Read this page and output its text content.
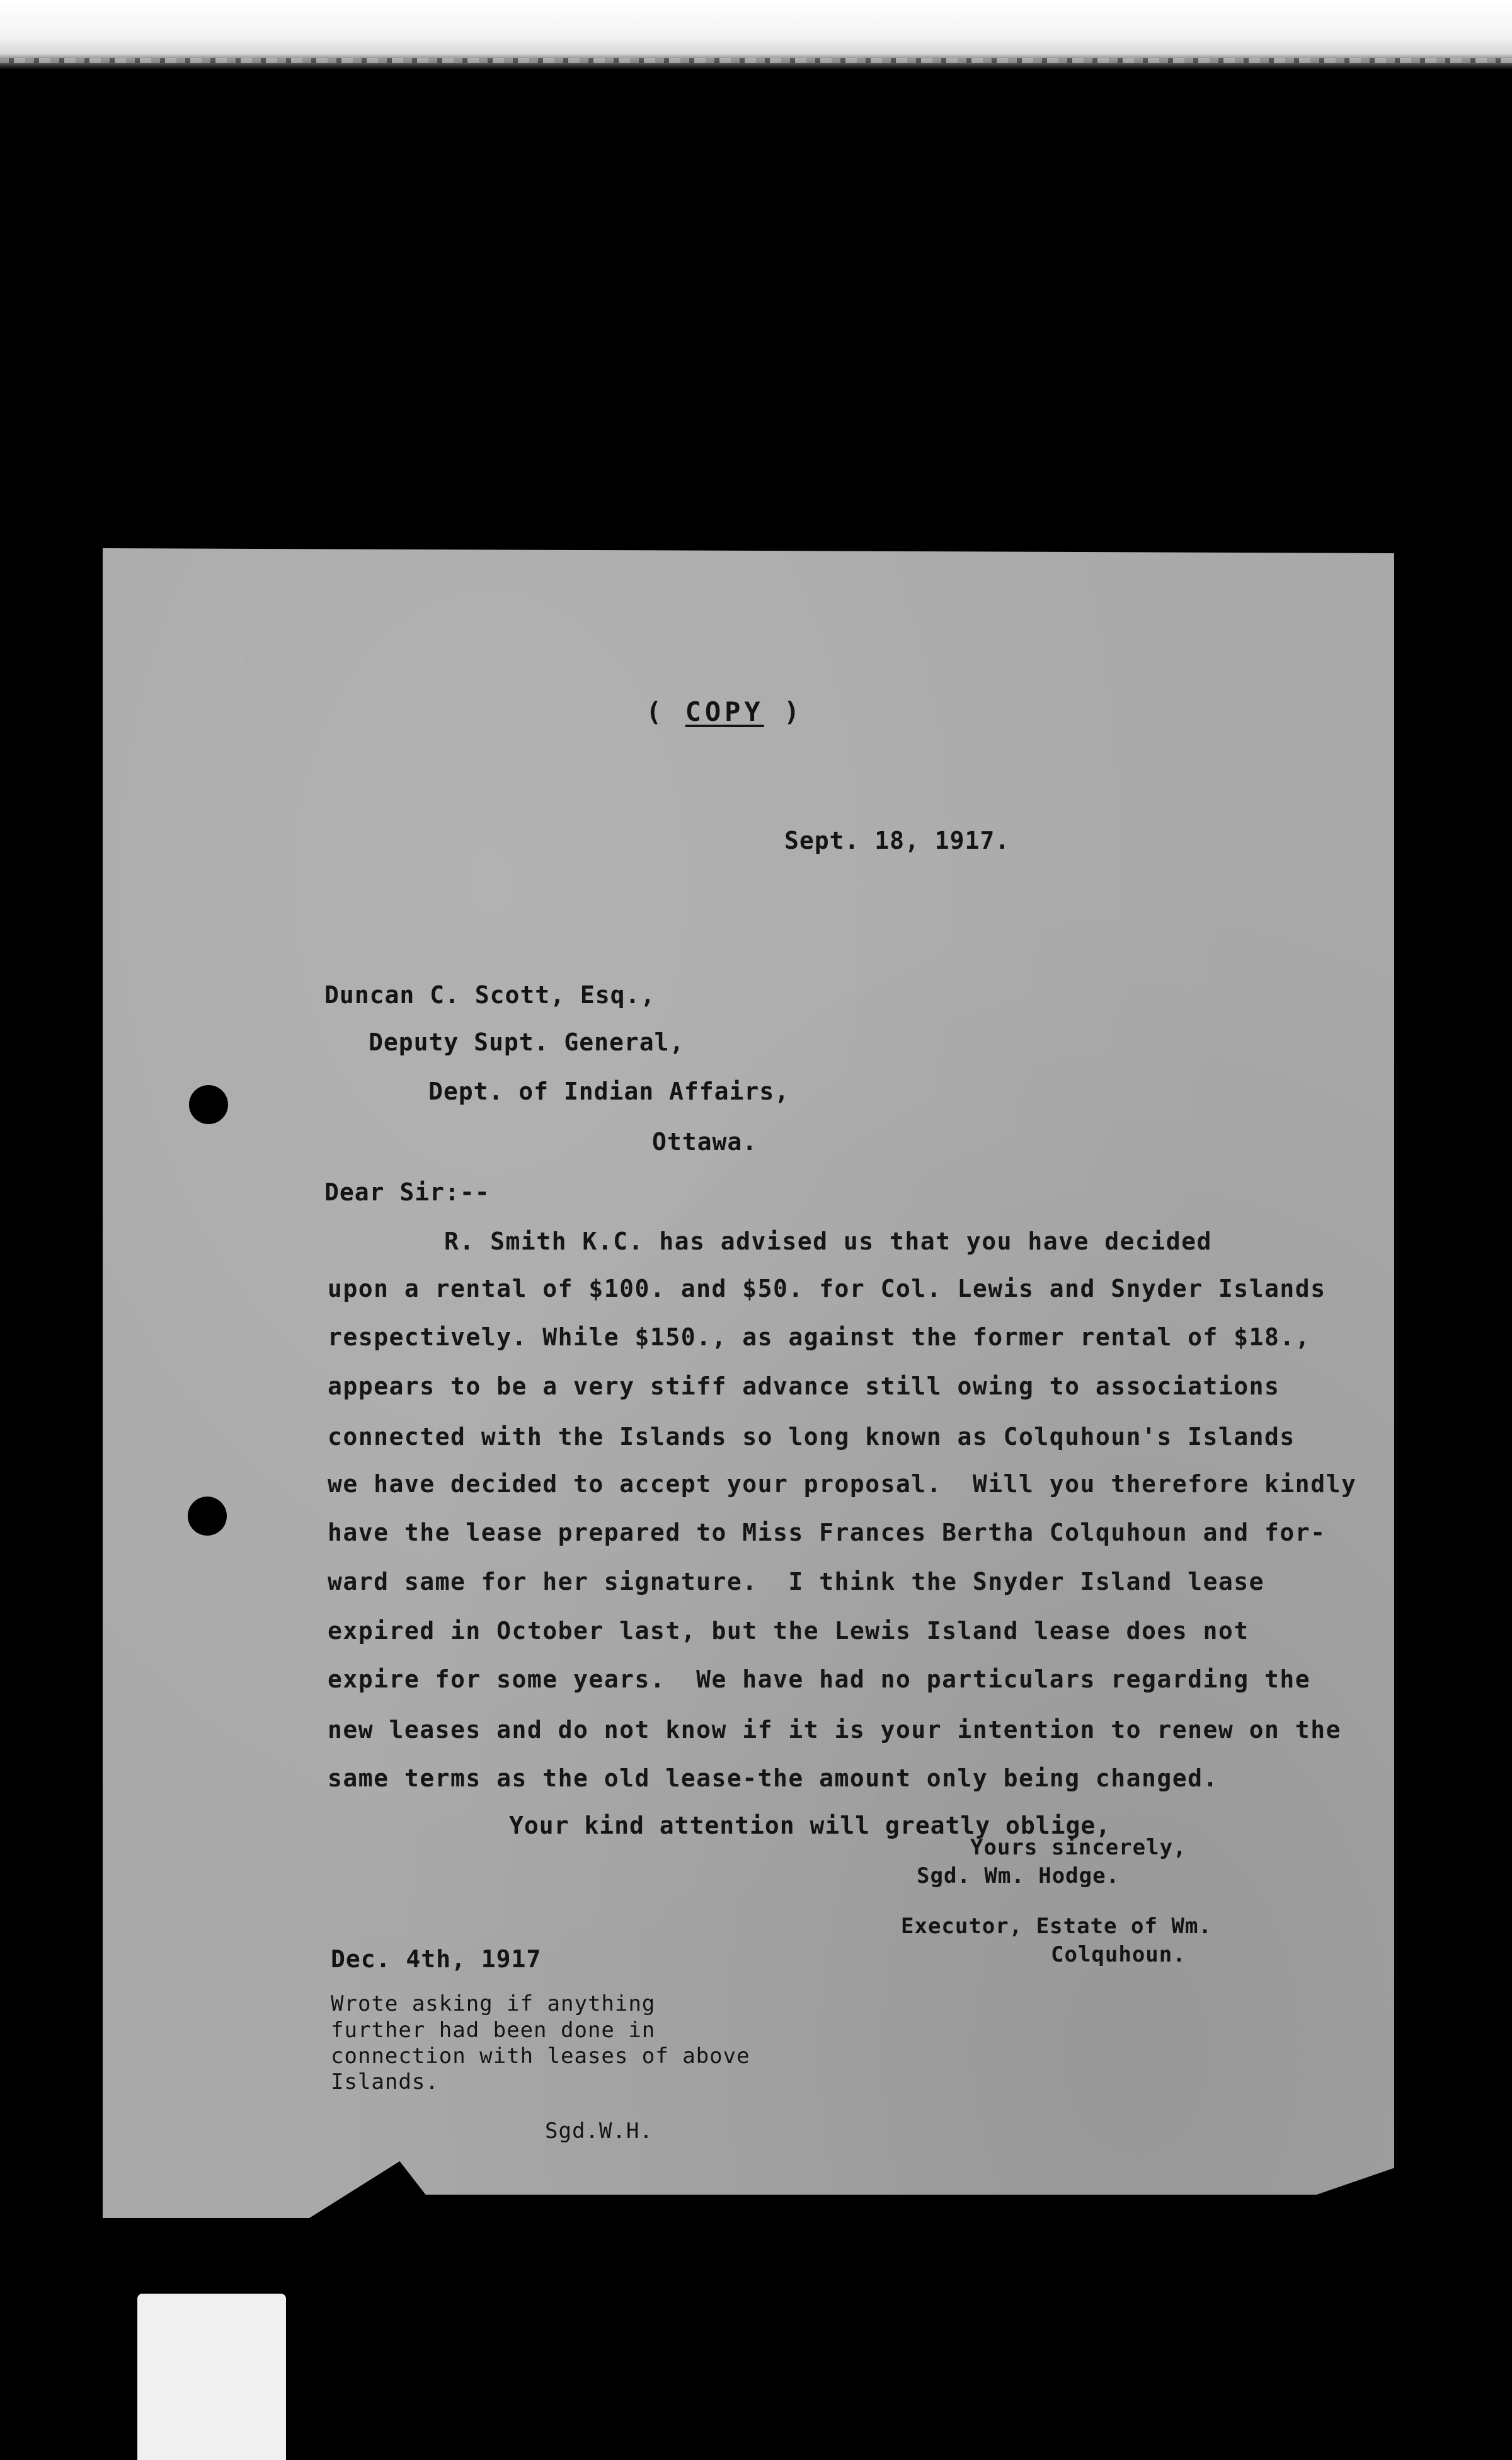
· ˙
; ·
· ˙
( COPY )
Sept. 18, 1917.
Duncan C. Scott, Esq.,
Deputy Supt. General,
Dept. of Indian Affairs,
Ottawa.
Dear Sir:--
R. Smith K.C. has advised us that you have decided
upon a rental of $100. and $50. for Col. Lewis and Snyder Islands
respectively. While $150., as against the former rental of $18.,
appears to be a very stiff advance still owing to associations
connected with the Islands so long known as Colquhoun's Islands
we have decided to accept your proposal.  Will you therefore kindly
have the lease prepared to Miss Frances Bertha Colquhoun and for-
ward same for her signature.  I think the Snyder Island lease
expired in October last, but the Lewis Island lease does not
expire for some years.  We have had no particulars regarding the
new leases and do not know if it is your intention to renew on the
same terms as the old lease-the amount only being changed.
Your kind attention will greatly oblige,
Yours sincerely,
Sgd. Wm. Hodge.
Executor, Estate of Wm.
Colquhoun.
Dec. 4th, 1917
Wrote asking if anything
further had been done in
connection with leases of above
Islands.
Sgd.W.H.
